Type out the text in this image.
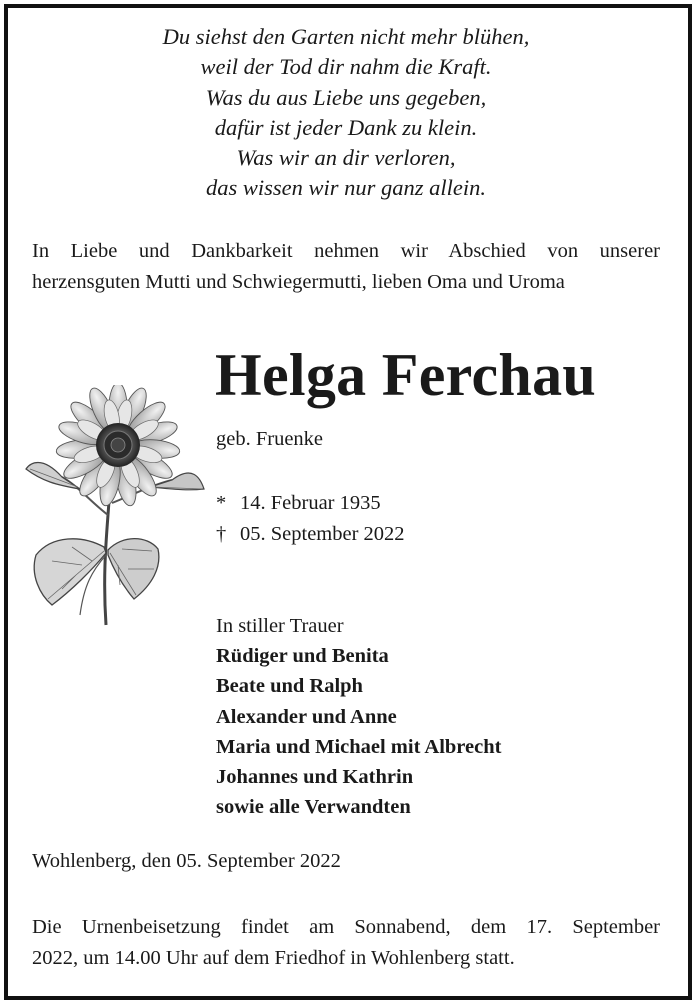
Du siehst den Garten nicht mehr blühen,
weil der Tod dir nahm die Kraft.
Was du aus Liebe uns gegeben,
dafür ist jeder Dank zu klein.
Was wir an dir verloren,
das wissen wir nur ganz allein.
In Liebe und Dankbarkeit nehmen wir Abschied von unserer
herzensguten Mutti und Schwiegermutti, lieben Oma und Uroma
Helga Ferchau
geb. Fruenke
* 14. Februar 1935
† 05. September 2022
In stiller Trauer
Rüdiger und Benita
Beate und Ralph
Alexander und Anne
Maria und Michael mit Albrecht
Johannes und Kathrin
sowie alle Verwandten
Wohlenberg, den 05. September 2022
Die Urnenbeisetzung findet am Sonnabend, dem 17. September
2022, um 14.00 Uhr auf dem Friedhof in Wohlenberg statt.
